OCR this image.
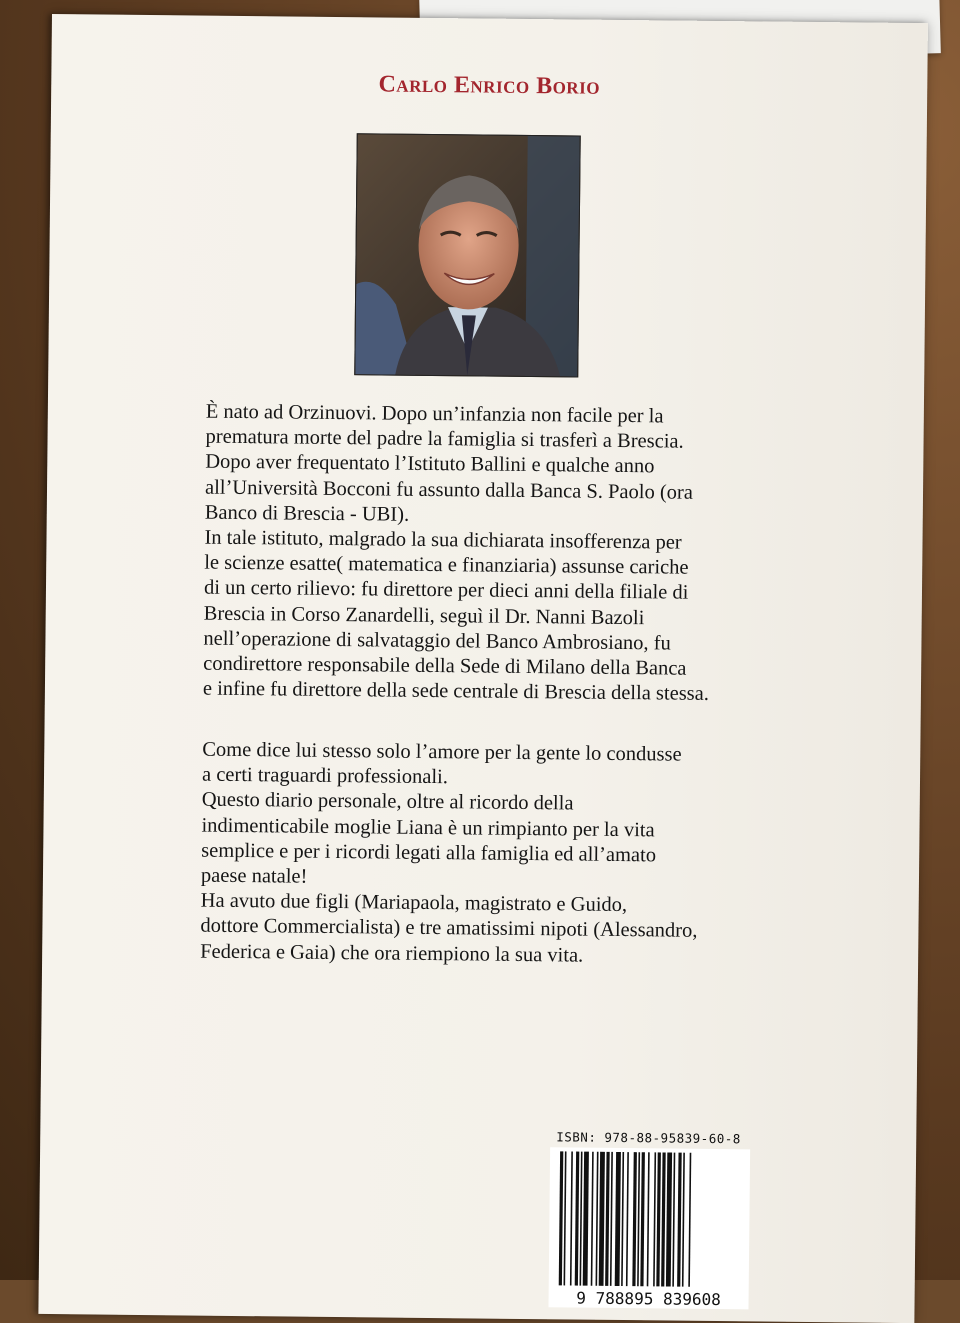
Carlo Enrico Borio

È nato ad Orzinuovi. Dopo un’infanzia non facile per la

prematura morte del padre la famiglia si trasferì a Brescia.

Dopo aver frequentato l’Istituto Ballini e qualche anno

all’Università Bocconi fu assunto dalla Banca S. Paolo (ora

Banco di Brescia - UBI).

In tale istituto, malgrado la sua dichiarata insofferenza per

le scienze esatte( matematica e finanziaria) assunse cariche

di un certo rilievo: fu direttore per dieci anni della filiale di

Brescia in Corso Zanardelli, seguì il Dr. Nanni Bazoli

nell’operazione di salvataggio del Banco Ambrosiano, fu

condirettore responsabile della Sede di Milano della Banca

e infine fu direttore della sede centrale di Brescia della stessa.

Come dice lui stesso solo l’amore per la gente lo condusse

a certi traguardi professionali.

Questo diario personale, oltre al ricordo della

indimenticabile moglie Liana è un rimpianto per la vita

semplice e per i ricordi legati alla famiglia ed all’amato

paese natale!

Ha avuto due figli (Mariapaola, magistrato e Guido,

dottore Commercialista) e tre amatissimi nipoti (Alessandro,

Federica e Gaia) che ora riempiono la sua vita.

ISBN: 978-88-95839-60-8
9 788895 839608
